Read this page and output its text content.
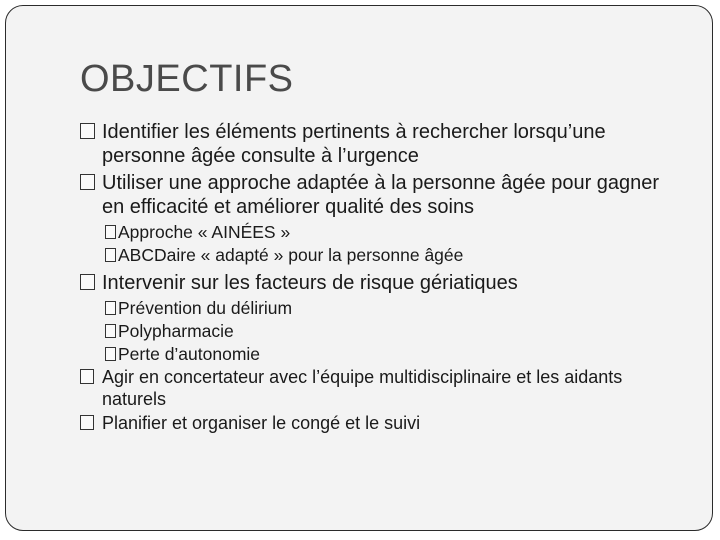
OBJECTIFS
Identifier les éléments pertinents à rechercher lorsqu’une personne âgée consulte à l’urgence
Utiliser une approche adaptée à la personne âgée pour gagner en efficacité et améliorer qualité des soins
Approche « AINÉES »
ABCDaire « adapté » pour la personne âgée
Intervenir sur les facteurs de risque gériatiques
Prévention du délirium
Polypharmacie
Perte d’autonomie
Agir en concertateur avec l’équipe multidisciplinaire et les aidants naturels
Planifier et organiser le congé et le suivi
